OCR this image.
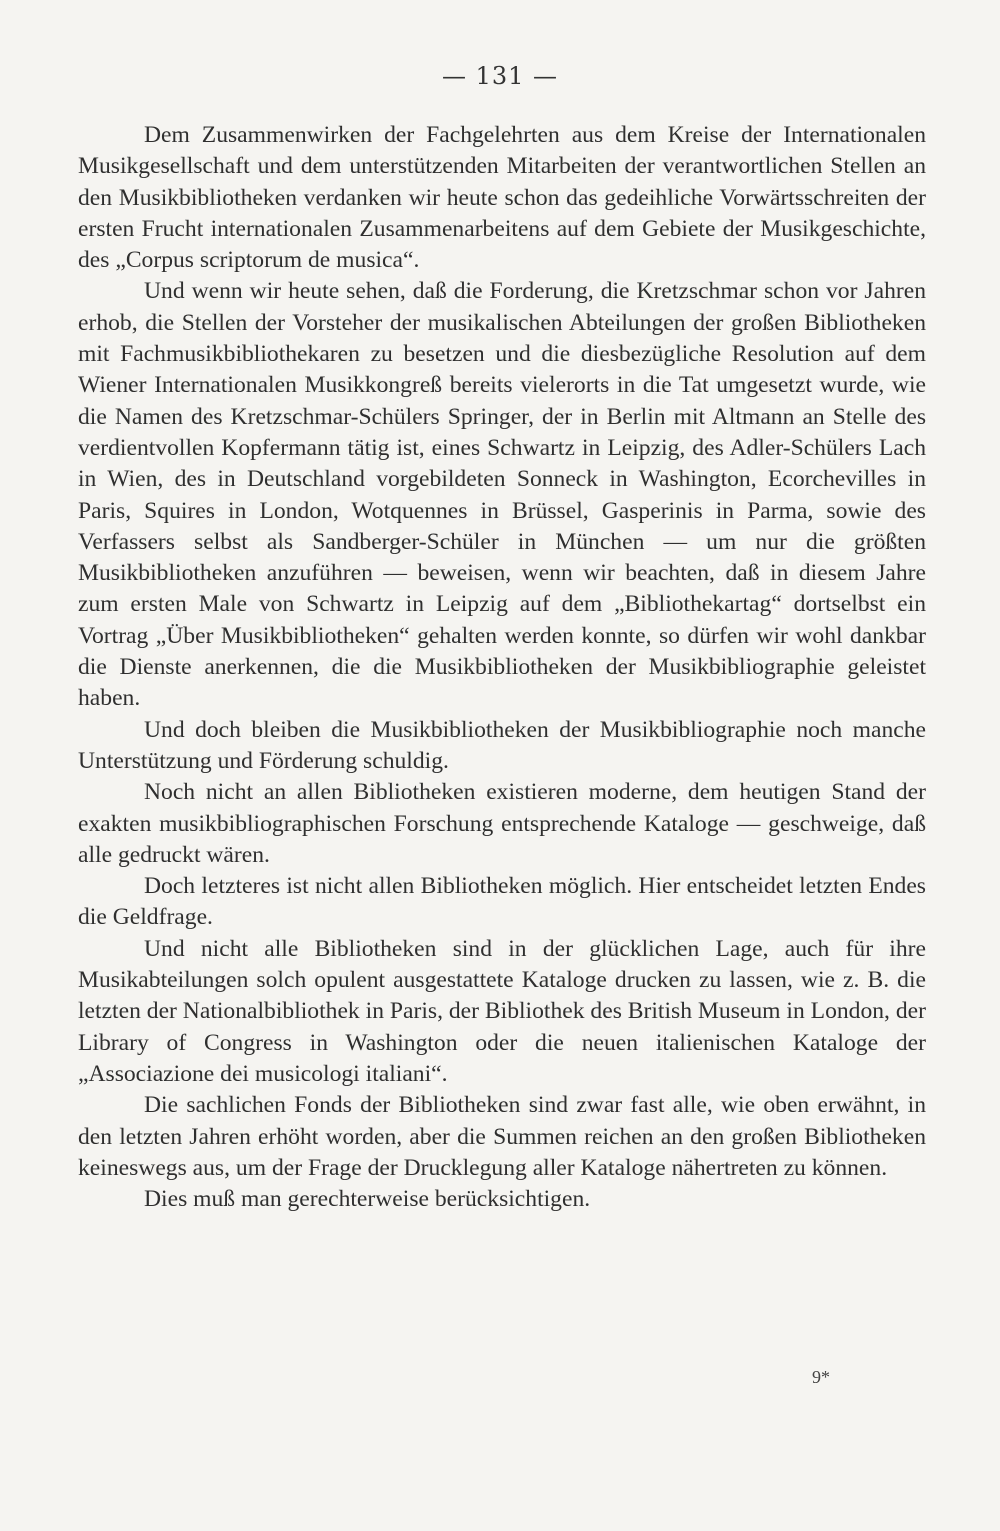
— 131 —

Dem Zusammenwirken der Fachgelehrten aus dem Kreise der Internationalen Musikgesellschaft und dem unterstützenden Mitarbeiten der verantwortlichen Stellen an den Musikbibliotheken verdanken wir heute schon das gedeihliche Vorwärtsschreiten der ersten Frucht internationalen Zusammenarbeitens auf dem Gebiete der Musikgeschichte, des „Corpus scriptorum de musica“.

Und wenn wir heute sehen, daß die Forderung, die Kretzschmar schon vor Jahren erhob, die Stellen der Vorsteher der musikalischen Abteilungen der großen Bibliotheken mit Fachmusikbibliothekaren zu besetzen und die diesbezügliche Resolution auf dem Wiener Internationalen Musikkongreß bereits vielerorts in die Tat umgesetzt wurde, wie die Namen des Kretzschmar-Schülers Springer, der in Berlin mit Altmann an Stelle des verdientvollen Kopfermann tätig ist, eines Schwartz in Leipzig, des Adler-Schülers Lach in Wien, des in Deutschland vorgebildeten Sonneck in Washington, Ecorchevilles in Paris, Squires in London, Wotquennes in Brüssel, Gasperinis in Parma, sowie des Verfassers selbst als Sandberger-Schüler in München — um nur die größten Musikbibliotheken anzuführen — beweisen, wenn wir beachten, daß in diesem Jahre zum ersten Male von Schwartz in Leipzig auf dem „Bibliothekartag“ dortselbst ein Vortrag „Über Musikbibliotheken“ gehalten werden konnte, so dürfen wir wohl dankbar die Dienste anerkennen, die die Musikbibliotheken der Musikbibliographie geleistet haben.

Und doch bleiben die Musikbibliotheken der Musikbibliographie noch manche Unterstützung und Förderung schuldig.

Noch nicht an allen Bibliotheken existieren moderne, dem heutigen Stand der exakten musikbibliographischen Forschung entsprechende Kataloge — geschweige, daß alle gedruckt wären.

Doch letzteres ist nicht allen Bibliotheken möglich. Hier entscheidet letzten Endes die Geldfrage.

Und nicht alle Bibliotheken sind in der glücklichen Lage, auch für ihre Musikabteilungen solch opulent ausgestattete Kataloge drucken zu lassen, wie z. B. die letzten der Nationalbibliothek in Paris, der Bibliothek des British Museum in London, der Library of Congress in Washington oder die neuen italienischen Kataloge der „Associazione dei musicologi italiani“.

Die sachlichen Fonds der Bibliotheken sind zwar fast alle, wie oben erwähnt, in den letzten Jahren erhöht worden, aber die Summen reichen an den großen Bibliotheken keineswegs aus, um der Frage der Drucklegung aller Kataloge nähertreten zu können.

Dies muß man gerechterweise berücksichtigen.

9*
